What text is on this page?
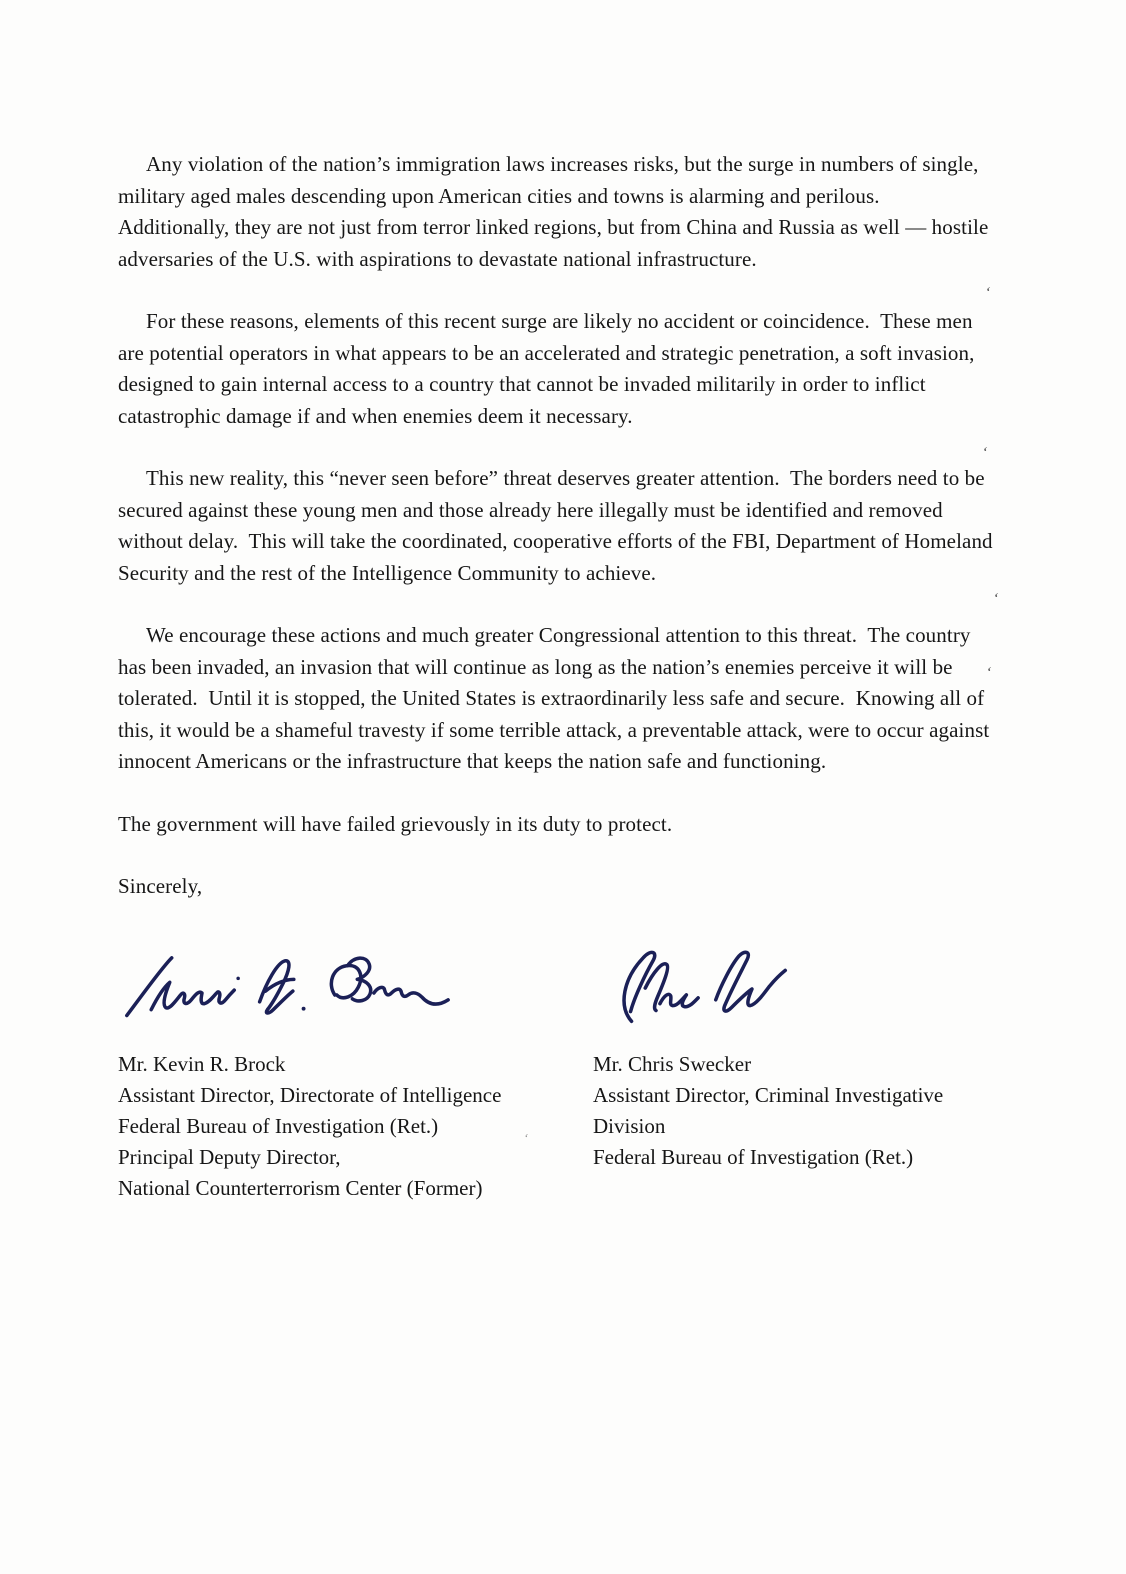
Any violation of the nation’s immigration laws increases risks, but the surge in numbers of single, military aged males descending upon American cities and towns is alarming and perilous.  Additionally, they are not just from terror linked regions, but from China and Russia as well — hostile adversaries of the U.S. with aspirations to devastate national infrastructure.

For these reasons, elements of this recent surge are likely no accident or coincidence.  These men are potential operators in what appears to be an accelerated and strategic penetration, a soft invasion, designed to gain internal access to a country that cannot be invaded militarily in order to inflict catastrophic damage if and when enemies deem it necessary.

This new reality, this “never seen before” threat deserves greater attention.  The borders need to be secured against these young men and those already here illegally must be identified and removed without delay.  This will take the coordinated, cooperative efforts of the FBI, Department of Homeland Security and the rest of the Intelligence Community to achieve.

We encourage these actions and much greater Congressional attention to this threat.  The country has been invaded, an invasion that will continue as long as the nation’s enemies perceive it will be tolerated.  Until it is stopped, the United States is extraordinarily less safe and secure.  Knowing all of this, it would be a shameful travesty if some terrible attack, a preventable attack, were to occur against innocent Americans or the infrastructure that keeps the nation safe and functioning.

The government will have failed grievously in its duty to protect.

Sincerely,

Mr. Kevin R. Brock
Assistant Director, Directorate of Intelligence
Federal Bureau of Investigation (Ret.)
Principal Deputy Director,
National Counterterrorism Center (Former)
Mr. Chris Swecker
Assistant Director, Criminal Investigative
Division
Federal Bureau of Investigation (Ret.)
ʻ
ʻ
ʻ
ʻ
ʻ
